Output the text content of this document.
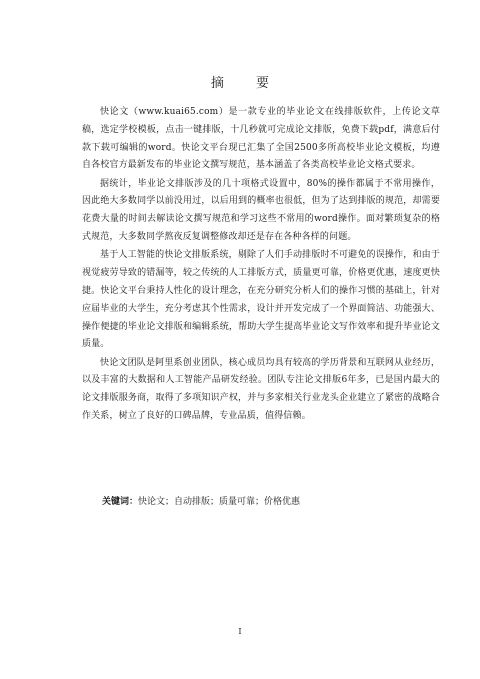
摘 要

快论文（www.kuai65.com）是一款专业的毕业论文在线排版软件，上传论文草稿，选定学校模板，点击一键排版，十几秒就可完成论文排版，免费下载pdf，满意后付款下载可编辑的word。快论文平台现已汇集了全国2500多所高校毕业论文模板，均遵自各校官方最新发布的毕业论文撰写规范，基本涵盖了各类高校毕业论文格式要求。

据统计，毕业论文排版涉及的几十项格式设置中，80%的操作都属于不常用操作，因此绝大多数同学以前没用过，以后用到的概率也很低，但为了达到排版的规范，却需要花费大量的时间去解读论文撰写规范和学习这些不常用的word操作。面对繁琐复杂的格式规范，大多数同学熬夜反复调整修改却还是存在各种各样的问题。

基于人工智能的快论文排版系统，剔除了人们手动排版时不可避免的误操作，和由于视觉疲劳导致的错漏等，较之传统的人工排版方式，质量更可靠，价格更优惠，速度更快捷。快论文平台秉持人性化的设计理念，在充分研究分析人们的操作习惯的基础上，针对应届毕业的大学生，充分考虑其个性需求，设计并开发完成了一个界面简洁、功能强大、操作便捷的毕业论文排版和编辑系统，帮助大学生提高毕业论文写作效率和提升毕业论文质量。

快论文团队是阿里系创业团队，核心成员均具有较高的学历背景和互联网从业经历，以及丰富的大数据和人工智能产品研发经验。团队专注论文排版6年多，已是国内最大的论文排版服务商，取得了多项知识产权，并与多家相关行业龙头企业建立了紧密的战略合作关系，树立了良好的口碑品牌，专业品质，值得信赖。

关键词：快论文；自动排版；质量可靠；价格优惠
I
